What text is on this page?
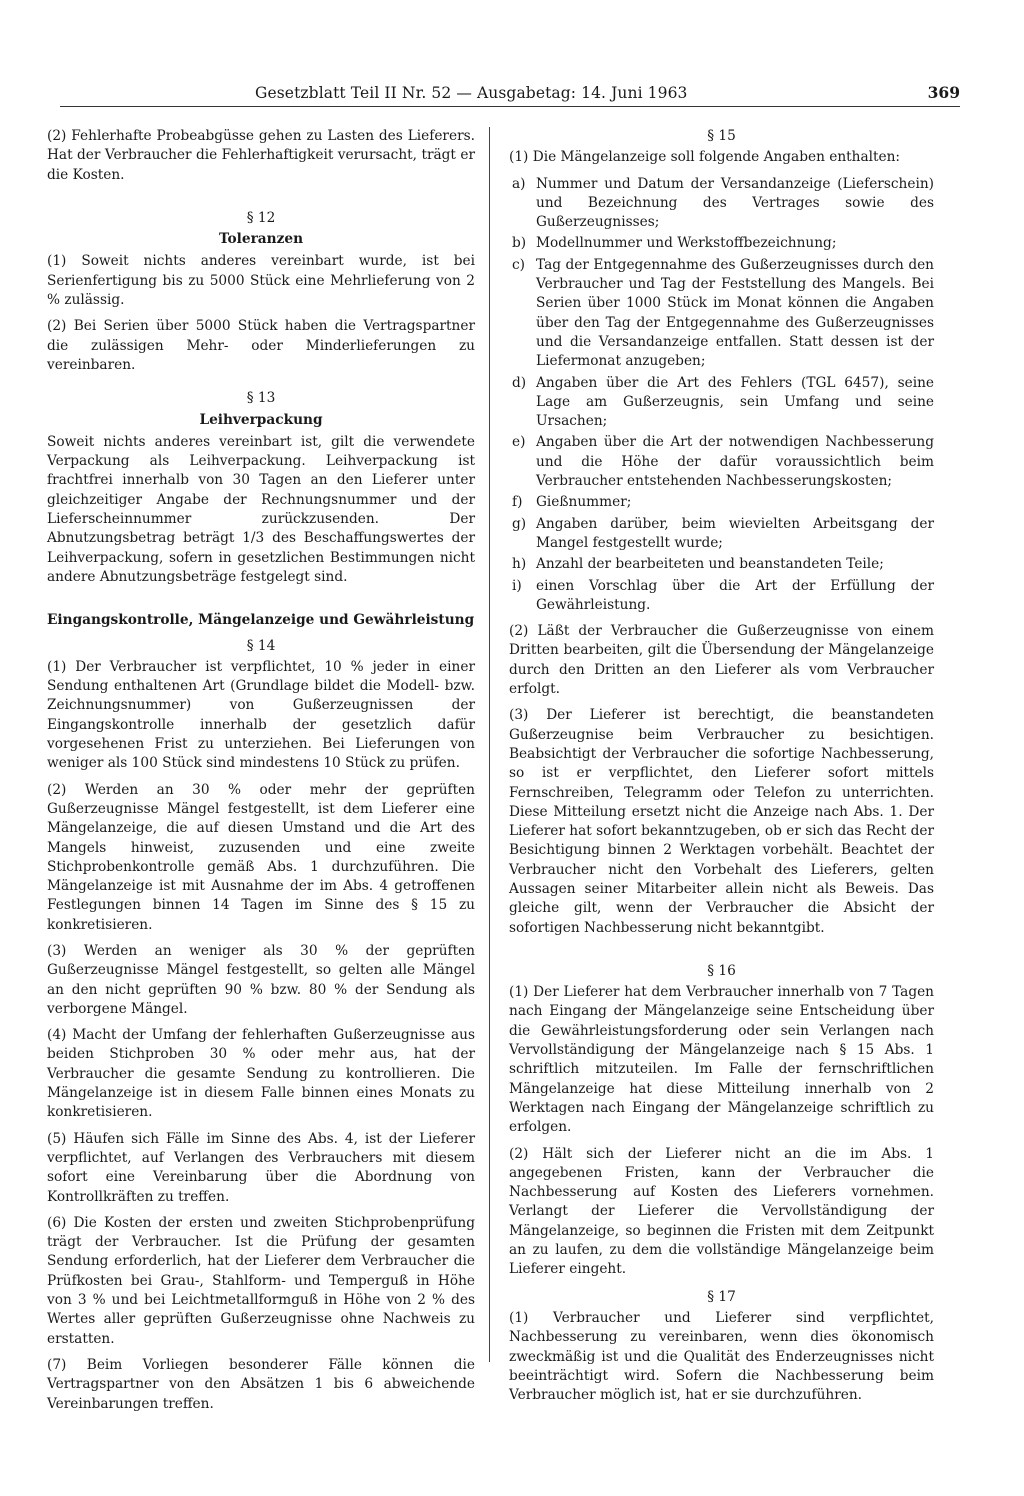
Gesetzblatt Teil II Nr. 52 — Ausgabetag: 14. Juni 1963	369

(2) Fehlerhafte Probeabgüsse gehen zu Lasten des Lieferers. Hat der Verbraucher die Fehlerhaftigkeit verursacht, trägt er die Kosten.

§ 12
Toleranzen

(1) Soweit nichts anderes vereinbart wurde, ist bei Serienfertigung bis zu 5000 Stück eine Mehrlieferung von 2 % zulässig.

(2) Bei Serien über 5000 Stück haben die Vertragspartner die zulässigen Mehr- oder Minderlieferungen zu vereinbaren.

§ 13
Leihverpackung

Soweit nichts anderes vereinbart ist, gilt die verwendete Verpackung als Leihverpackung. Leihverpackung ist frachtfrei innerhalb von 30 Tagen an den Lieferer unter gleichzeitiger Angabe der Rechnungsnummer und der Lieferscheinnummer zurückzusenden. Der Abnutzungsbetrag beträgt 1/3 des Beschaffungswertes der Leihverpackung, sofern in gesetzlichen Bestimmungen nicht andere Abnutzungsbeträge festgelegt sind.

Eingangskontrolle, Mängelanzeige und Gewährleistung
§ 14

(1) Der Verbraucher ist verpflichtet, 10 % jeder in einer Sendung enthaltenen Art (Grundlage bildet die Modell- bzw. Zeichnungsnummer) von Gußerzeugnissen der Eingangskontrolle innerhalb der gesetzlich dafür vorgesehenen Frist zu unterziehen. Bei Lieferungen von weniger als 100 Stück sind mindestens 10 Stück zu prüfen.

(2) Werden an 30 % oder mehr der geprüften Gußerzeugnisse Mängel festgestellt, ist dem Lieferer eine Mängelanzeige, die auf diesen Umstand und die Art des Mangels hinweist, zuzusenden und eine zweite Stichprobenkontrolle gemäß Abs. 1 durchzuführen. Die Mängelanzeige ist mit Ausnahme der im Abs. 4 getroffenen Festlegungen binnen 14 Tagen im Sinne des § 15 zu konkretisieren.

(3) Werden an weniger als 30 % der geprüften Gußerzeugnisse Mängel festgestellt, so gelten alle Mängel an den nicht geprüften 90 % bzw. 80 % der Sendung als verborgene Mängel.

(4) Macht der Umfang der fehlerhaften Gußerzeugnisse aus beiden Stichproben 30 % oder mehr aus, hat der Verbraucher die gesamte Sendung zu kontrollieren. Die Mängelanzeige ist in diesem Falle binnen eines Monats zu konkretisieren.

(5) Häufen sich Fälle im Sinne des Abs. 4, ist der Lieferer verpflichtet, auf Verlangen des Verbrauchers mit diesem sofort eine Vereinbarung über die Abordnung von Kontrollkräften zu treffen.

(6) Die Kosten der ersten und zweiten Stichprobenprüfung trägt der Verbraucher. Ist die Prüfung der gesamten Sendung erforderlich, hat der Lieferer dem Verbraucher die Prüfkosten bei Grau-, Stahlform- und Temperguß in Höhe von 3 % und bei Leichtmetallformguß in Höhe von 2 % des Wertes aller geprüften Gußerzeugnisse ohne Nachweis zu erstatten.

(7) Beim Vorliegen besonderer Fälle können die Vertragspartner von den Absätzen 1 bis 6 abweichende Vereinbarungen treffen.

§ 15

(1) Die Mängelanzeige soll folgende Angaben enthalten:

a) Nummer und Datum der Versandanzeige (Lieferschein) und Bezeichnung des Vertrages sowie des Gußerzeugnisses;
b) Modellnummer und Werkstoffbezeichnung;
c) Tag der Entgegennahme des Gußerzeugnisses durch den Verbraucher und Tag der Feststellung des Mangels. Bei Serien über 1000 Stück im Monat können die Angaben über den Tag der Entgegennahme des Gußerzeugnisses und die Versandanzeige entfallen. Statt dessen ist der Liefermonat anzugeben;
d) Angaben über die Art des Fehlers (TGL 6457), seine Lage am Gußerzeugnis, sein Umfang und seine Ursachen;
e) Angaben über die Art der notwendigen Nachbesserung und die Höhe der dafür voraussichtlich beim Verbraucher entstehenden Nachbesserungskosten;
f) Gießnummer;
g) Angaben darüber, beim wievielten Arbeitsgang der Mangel festgestellt wurde;
h) Anzahl der bearbeiteten und beanstandeten Teile;
i) einen Vorschlag über die Art der Erfüllung der Gewährleistung.

(2) Läßt der Verbraucher die Gußerzeugnisse von einem Dritten bearbeiten, gilt die Übersendung der Mängelanzeige durch den Dritten an den Lieferer als vom Verbraucher erfolgt.

(3) Der Lieferer ist berechtigt, die beanstandeten Gußerzeugnise beim Verbraucher zu besichtigen. Beabsichtigt der Verbraucher die sofortige Nachbesserung, so ist er verpflichtet, den Lieferer sofort mittels Fernschreiben, Telegramm oder Telefon zu unterrichten. Diese Mitteilung ersetzt nicht die Anzeige nach Abs. 1. Der Lieferer hat sofort bekanntzugeben, ob er sich das Recht der Besichtigung binnen 2 Werktagen vorbehält. Beachtet der Verbraucher nicht den Vorbehalt des Lieferers, gelten Aussagen seiner Mitarbeiter allein nicht als Beweis. Das gleiche gilt, wenn der Verbraucher die Absicht der sofortigen Nachbesserung nicht bekanntgibt.

§ 16

(1) Der Lieferer hat dem Verbraucher innerhalb von 7 Tagen nach Eingang der Mängelanzeige seine Entscheidung über die Gewährleistungsforderung oder sein Verlangen nach Vervollständigung der Mängelanzeige nach § 15 Abs. 1 schriftlich mitzuteilen. Im Falle der fernschriftlichen Mängelanzeige hat diese Mitteilung innerhalb von 2 Werktagen nach Eingang der Mängelanzeige schriftlich zu erfolgen.

(2) Hält sich der Lieferer nicht an die im Abs. 1 angegebenen Fristen, kann der Verbraucher die Nachbesserung auf Kosten des Lieferers vornehmen. Verlangt der Lieferer die Vervollständigung der Mängelanzeige, so beginnen die Fristen mit dem Zeitpunkt an zu laufen, zu dem die vollständige Mängelanzeige beim Lieferer eingeht.

§ 17

(1) Verbraucher und Lieferer sind verpflichtet, Nachbesserung zu vereinbaren, wenn dies ökonomisch zweckmäßig ist und die Qualität des Enderzeugnisses nicht beeinträchtigt wird. Sofern die Nachbesserung beim Verbraucher möglich ist, hat er sie durchzuführen.
